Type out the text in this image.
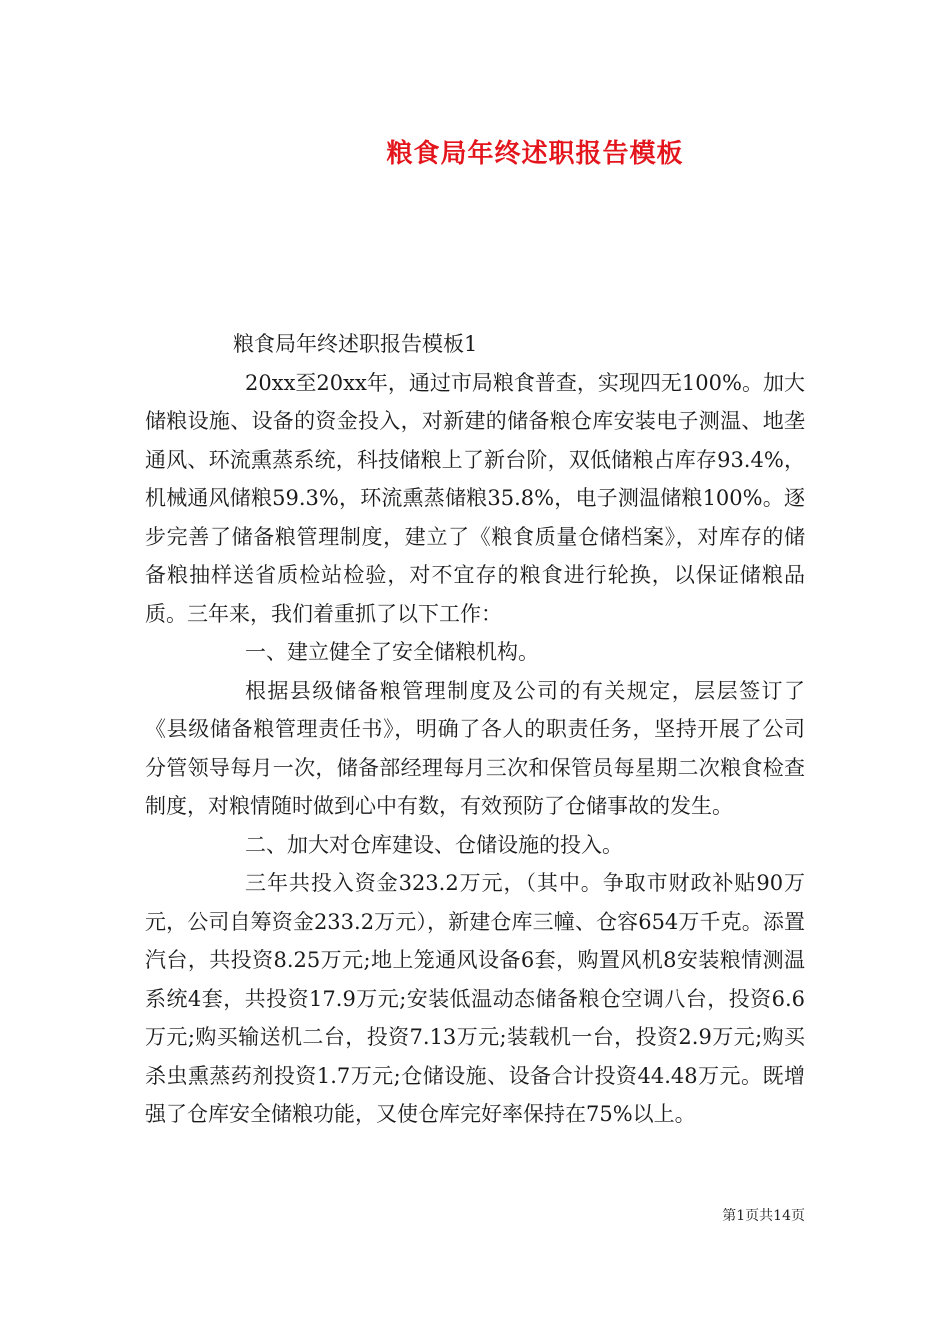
粮食局年终述职报告模板

粮食局年终述职报告模板1

20xx至20xx年，通过市局粮食普查，实现四无100%。加大储粮设施、设备的资金投入，对新建的储备粮仓库安装电子测温、地垄通风、环流熏蒸系统，科技储粮上了新台阶，双低储粮占库存93.4%，机械通风储粮59.3%，环流熏蒸储粮35.8%，电子测温储粮100%。逐步完善了储备粮管理制度，建立了《粮食质量仓储档案》，对库存的储备粮抽样送省质检站检验，对不宜存的粮食进行轮换，以保证储粮品质。三年来，我们着重抓了以下工作：

一、建立健全了安全储粮机构。

根据县级储备粮管理制度及公司的有关规定，层层签订了《县级储备粮管理责任书》，明确了各人的职责任务，坚持开展了公司分管领导每月一次，储备部经理每月三次和保管员每星期二次粮食检查制度，对粮情随时做到心中有数，有效预防了仓储事故的发生。

二、加大对仓库建设、仓储设施的投入。

三年共投入资金323.2万元，（其中。争取市财政补贴90万元，公司自筹资金233.2万元），新建仓库三幢、仓容654万千克。添置汽台，共投资8.25万元;地上笼通风设备6套，购置风机8安装粮情测温系统4套，共投资17.9万元;安装低温动态储备粮仓空调八台，投资6.6万元;购买输送机二台，投资7.13万元;装载机一台，投资2.9万元;购买杀虫熏蒸药剂投资1.7万元;仓储设施、设备合计投资44.48万元。既增强了仓库安全储粮功能，又使仓库完好率保持在75%以上。

第1页共14页
